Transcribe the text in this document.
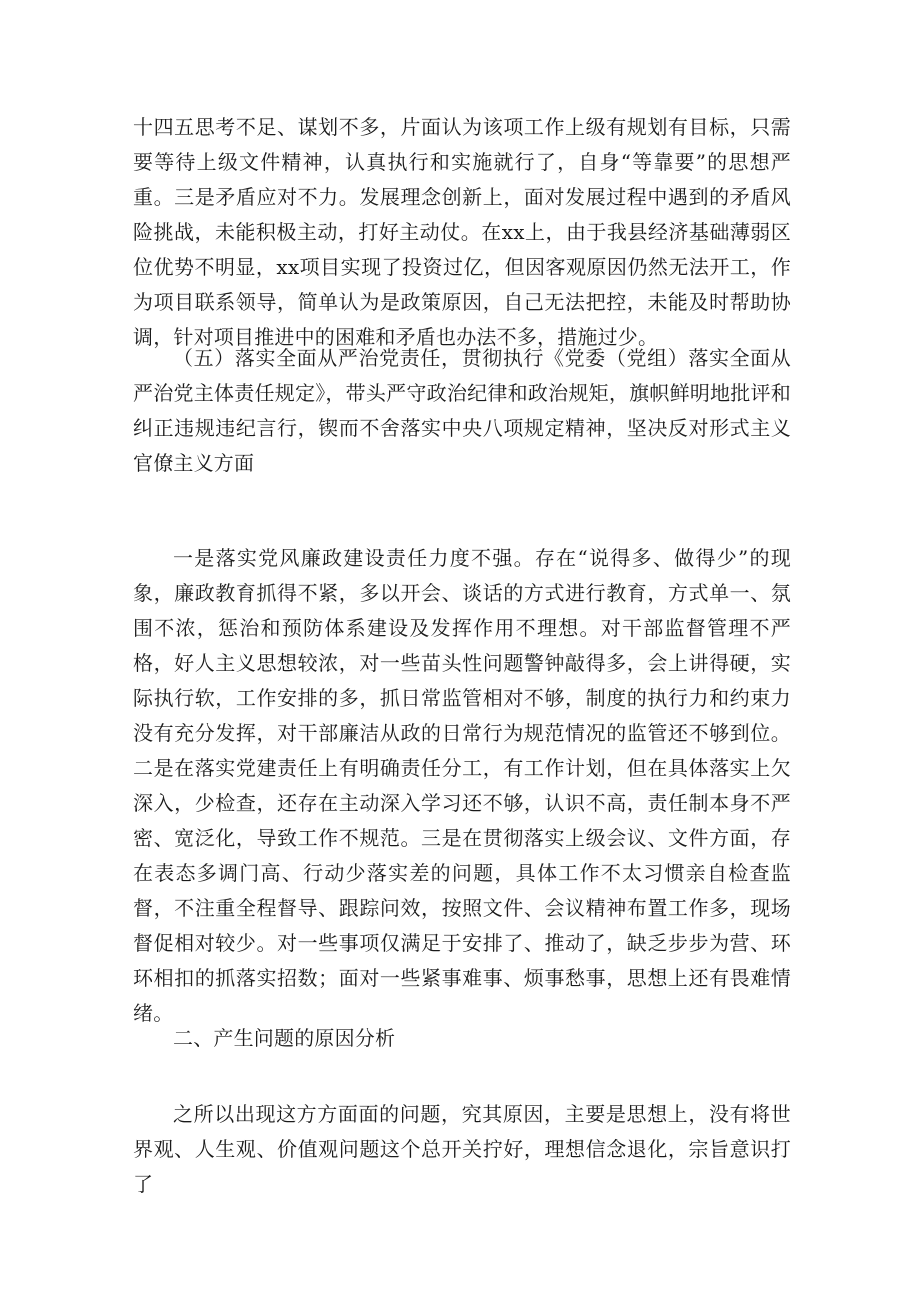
十四五思考不足、谋划不多，片面认为该项工作上级有规划有目标，只需要等待上级文件精神，认真执行和实施就行了，自身“等靠要”的思想严重。三是矛盾应对不力。发展理念创新上，面对发展过程中遇到的矛盾风险挑战，未能积极主动，打好主动仗。在xx上，由于我县经济基础薄弱区位优势不明显，xx项目实现了投资过亿，但因客观原因仍然无法开工，作为项目联系领导，简单认为是政策原因，自己无法把控，未能及时帮助协调，针对项目推进中的困难和矛盾也办法不多，措施过少。

（五）落实全面从严治党责任，贯彻执行《党委（党组）落实全面从严治党主体责任规定》，带头严守政治纪律和政治规矩，旗帜鲜明地批评和纠正违规违纪言行，锲而不舍落实中央八项规定精神，坚决反对形式主义官僚主义方面

一是落实党风廉政建设责任力度不强。存在“说得多、做得少”的现象，廉政教育抓得不紧，多以开会、谈话的方式进行教育，方式单一、氛围不浓，惩治和预防体系建设及发挥作用不理想。对干部监督管理不严格，好人主义思想较浓，对一些苗头性问题警钟敲得多，会上讲得硬，实际执行软，工作安排的多，抓日常监管相对不够，制度的执行力和约束力没有充分发挥，对干部廉洁从政的日常行为规范情况的监管还不够到位。二是在落实党建责任上有明确责任分工，有工作计划，但在具体落实上欠深入，少检查，还存在主动深入学习还不够，认识不高，责任制本身不严密、宽泛化，导致工作不规范。三是在贯彻落实上级会议、文件方面，存在表态多调门高、行动少落实差的问题，具体工作不太习惯亲自检查监督，不注重全程督导、跟踪问效，按照文件、会议精神布置工作多，现场督促相对较少。对一些事项仅满足于安排了、推动了，缺乏步步为营、环环相扣的抓落实招数；面对一些紧事难事、烦事愁事，思想上还有畏难情绪。

二、产生问题的原因分析

之所以出现这方方面面的问题，究其原因，主要是思想上，没有将世界观、人生观、价值观问题这个总开关拧好，理想信念退化，宗旨意识打了
